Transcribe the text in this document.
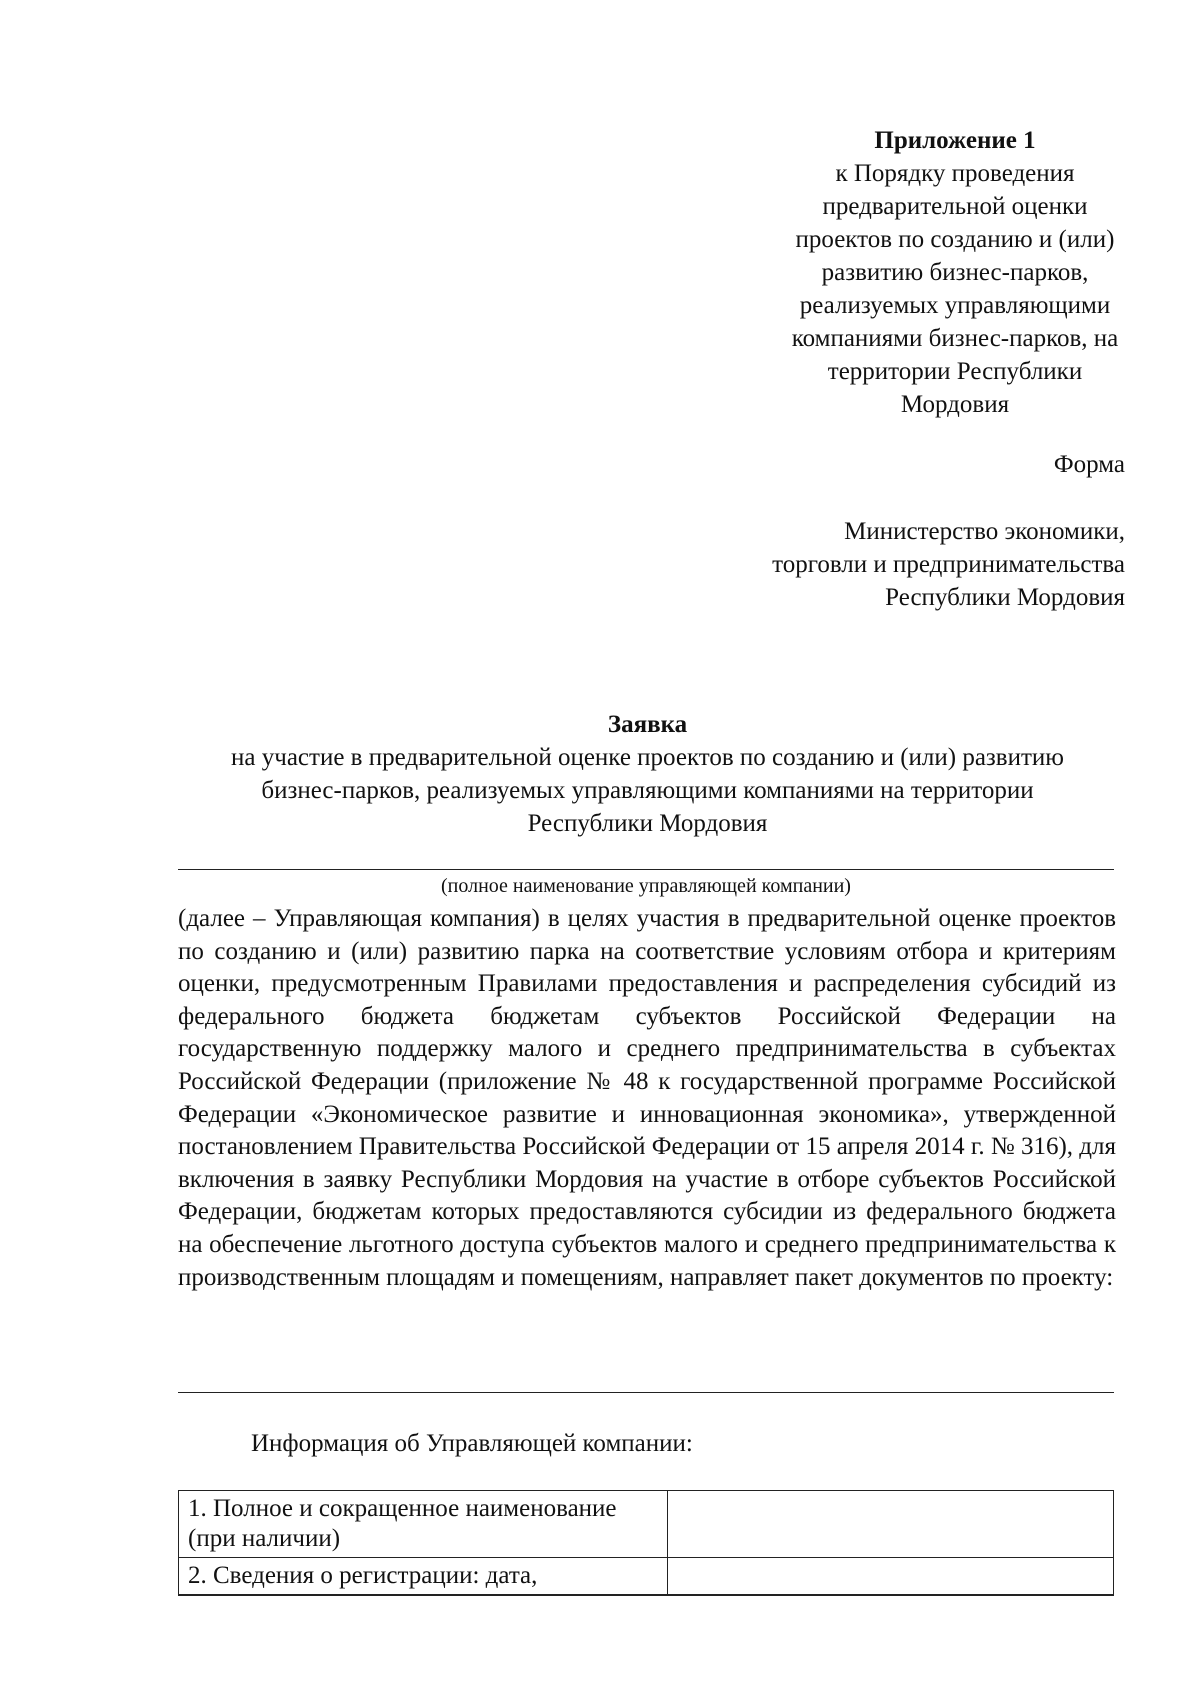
Приложение 1
к Порядку проведения
предварительной оценки
проектов по созданию и (или)
развитию бизнес-парков,
реализуемых управляющими
компаниями бизнес-парков, на
территории Республики
Мордовия
Форма
Министерство экономики,
торговли и предпринимательства
Республики Мордовия
Заявка
на участие в предварительной оценке проектов по созданию и (или) развитию
бизнес-парков, реализуемых управляющими компаниями на территории
Республики Мордовия
(полное наименование управляющей компании)

(далее – Управляющая компания) в целях участия в предварительной оценке проектов по созданию и (или) развитию парка на соответствие условиям отбора и критериям оценки, предусмотренным Правилами предоставления и распределения субсидий из федерального бюджета бюджетам субъектов Российской Федерации на государственную поддержку малого и среднего предпринимательства в субъектах Российской Федерации (приложение № 48 к государственной программе Российской Федерации «Экономическое развитие и инновационная экономика», утвержденной постановлением Правительства Российской Федерации от 15 апреля 2014 г. № 316), для включения в заявку Республики Мордовия на участие в отборе субъектов Российской Федерации, бюджетам которых предоставляются субсидии из федерального бюджета на обеспечение льготного доступа субъектов малого и среднего предпринимательства к производственным площадям и помещениям, направляет пакет документов по проекту:

Информация об Управляющей компании:
1. Полное и сокращенное наименование (при наличии)	
2. Сведения о регистрации: дата,	
